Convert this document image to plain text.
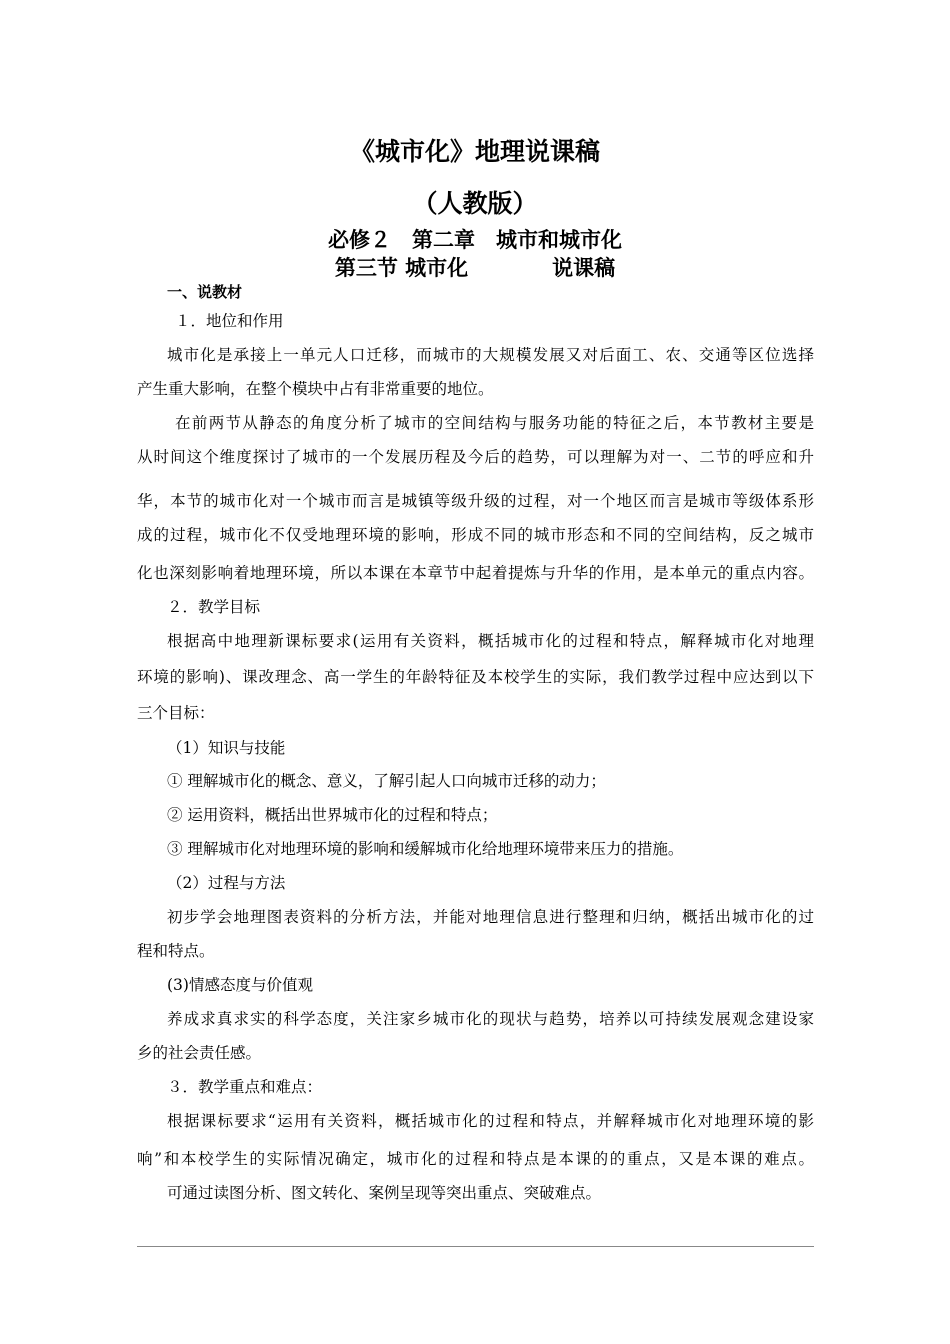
《城市化》地理说课稿
（人教版）
必修２　第二章　城市和城市化
第三节 城市化　　　　说课稿
一、说教材
１．地位和作用
城市化是承接上一单元人口迁移，而城市的大规模发展又对后面工、农、交通等区位选择
产生重大影响，在整个模块中占有非常重要的地位。
在前两节从静态的角度分析了城市的空间结构与服务功能的特征之后，本节教材主要是
从时间这个维度探讨了城市的一个发展历程及今后的趋势，可以理解为对一、二节的呼应和升
华，本节的城市化对一个城市而言是城镇等级升级的过程，对一个地区而言是城市等级体系形
成的过程，城市化不仅受地理环境的影响，形成不同的城市形态和不同的空间结构，反之城市
化也深刻影响着地理环境，所以本课在本章节中起着提炼与升华的作用，是本单元的重点内容。
２．教学目标
根据高中地理新课标要求(运用有关资料，概括城市化的过程和特点，解释城市化对地理
环境的影响)、课改理念、高一学生的年龄特征及本校学生的实际，我们教学过程中应达到以下
三个目标：
（1）知识与技能
① 理解城市化的概念、意义，了解引起人口向城市迁移的动力；
② 运用资料，概括出世界城市化的过程和特点；
③ 理解城市化对地理环境的影响和缓解城市化给地理环境带来压力的措施。
（2）过程与方法
初步学会地理图表资料的分析方法，并能对地理信息进行整理和归纳，概括出城市化的过
程和特点。
(3)情感态度与价值观
养成求真求实的科学态度，关注家乡城市化的现状与趋势，培养以可持续发展观念建设家
乡的社会责任感。
３．教学重点和难点：
根据课标要求“运用有关资料，概括城市化的过程和特点，并解释城市化对地理环境的影
响”和本校学生的实际情况确定，城市化的过程和特点是本课的的重点，又是本课的难点。
可通过读图分析、图文转化、案例呈现等突出重点、突破难点。
